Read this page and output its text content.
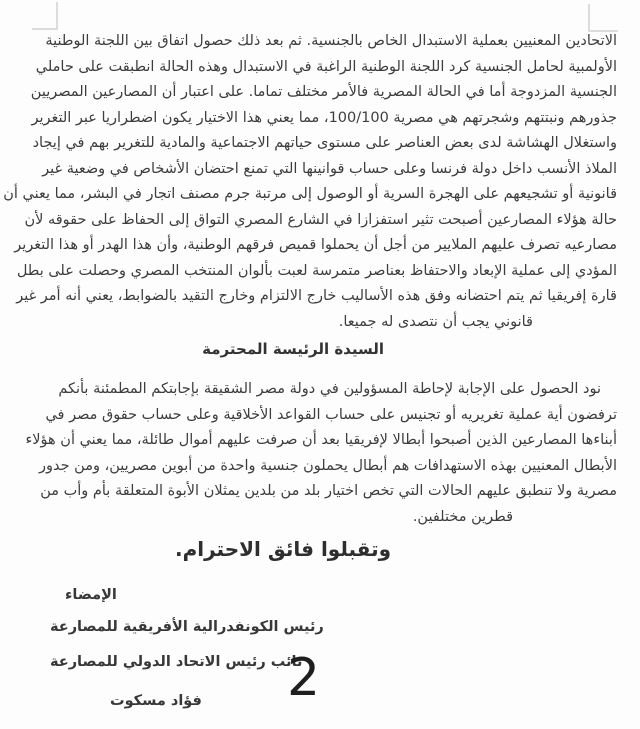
الاتحادين المعنيين بعملية الاستبدال الخاص بالجنسية. ثم بعد ذلك حصول اتفاق بين اللجنة الوطنية
الأولمبية لحامل الجنسية كرد اللجنة الوطنية الراغبة في الاستبدال وهذه الحالة انطبقت على حاملي
الجنسية المزدوجة أما في الحالة المصرية فالأمر مختلف تماما. على اعتبار أن المصارعين المصريين
جذورهم ونبتتهم وشجرتهم هي مصرية 100/100، مما يعني هذا الاختيار يكون اضطراريا عبر التغرير
واستغلال الهشاشة لدى بعض العناصر على مستوى حياتهم الاجتماعية والمادية للتغرير بهم في إيجاد
الملاذ الأنسب داخل دولة فرنسا وعلى حساب قوانينها التي تمنع احتضان الأشخاص في وضعية غير
قانونية أو تشجيعهم على الهجرة السرية أو الوصول إلى مرتبة جرم مصنف اتجار في البشر، مما يعني أن
حالة هؤلاء المصارعين أصبحت تثير استفزازا في الشارع المصري التواق إلى الحفاظ على حقوقه لأن
مصارعيه تصرف عليهم الملايير من أجل أن يحملوا قميص فرقهم الوطنية، وأن هذا الهدر أو هذا التغرير
المؤدي إلى عملية الإبعاد والاحتفاظ بعناصر متمرسة لعبت بألوان المنتخب المصري وحصلت على بطل
قارة إفريقيا ثم يتم احتضانه وفق هذه الأساليب خارج الالتزام وخارج التقيد بالضوابط، يعني أنه أمر غير
قانوني يجب أن نتصدى له جميعا.
السيدة الرئيسة المحترمة
نود الحصول على الإجابة لإحاطة المسؤولين في دولة مصر الشقيقة بإجابتكم المطمئنة بأنكم
ترفضون أية عملية تغريريه أو تجنيس على حساب القواعد الأخلاقية وعلى حساب حقوق مصر في
أبناءها المصارعين الذين أصبحوا أبطالا لإفريقيا بعد أن صرفت عليهم أموال طائلة، مما يعني أن هؤلاء
الأبطال المعنيين بهذه الاستهدافات هم أبطال يحملون جنسية واحدة من أبوين مصريين، ومن جدور
مصرية ولا تنطبق عليهم الحالات التي تخص اختيار بلد من بلدين يمثلان الأبوة المتعلقة بأم وأب من
قطرين مختلفين.
وتقبلوا فائق الاحترام.
الإمضاء
رئيس الكونفدرالية الأفريقية للمصارعة
نائب رئيس الاتحاد الدولي للمصارعة
فؤاد مسكوت 2
